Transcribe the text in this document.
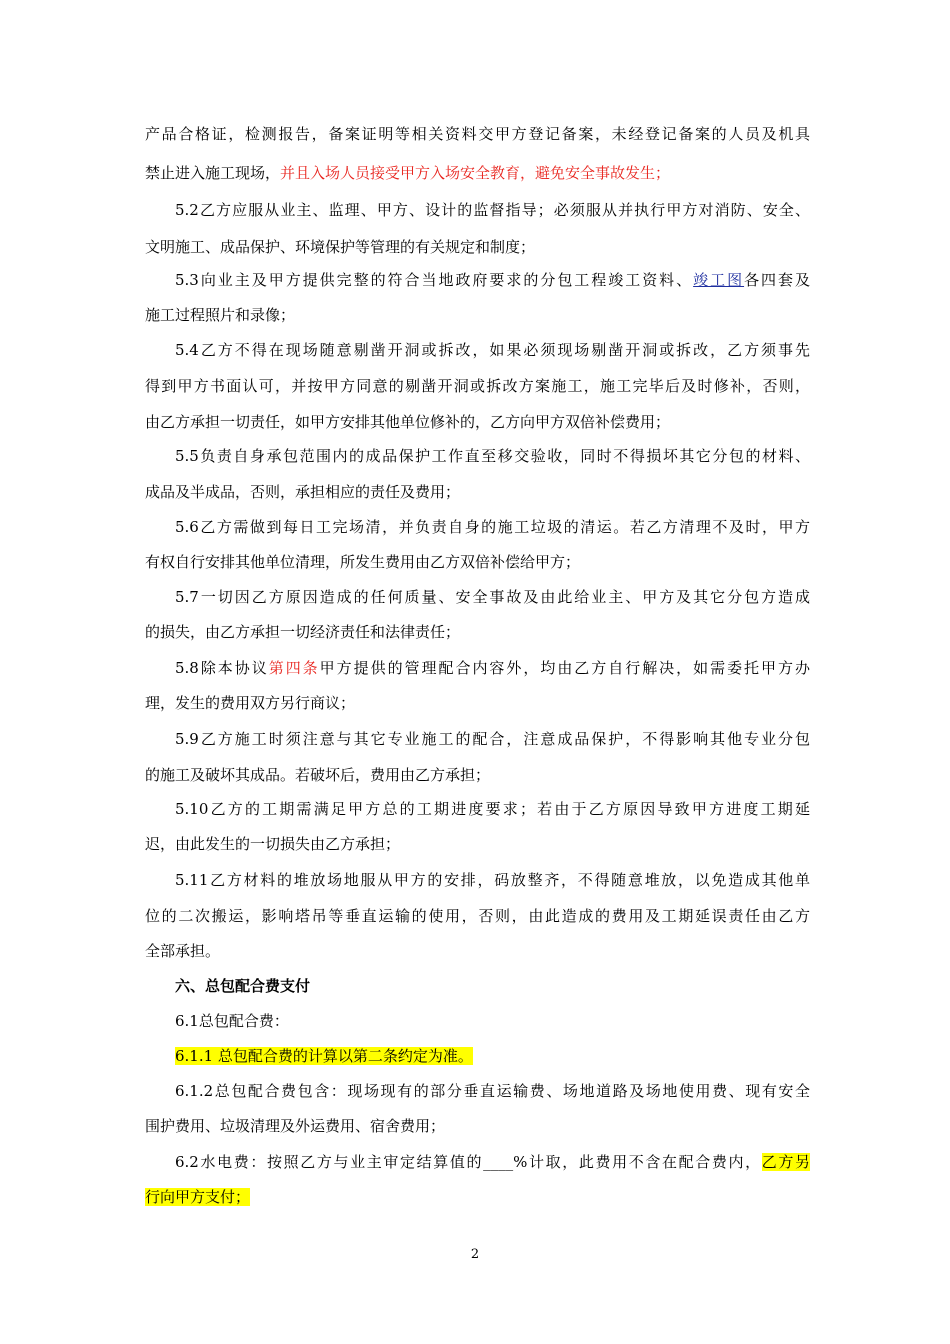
产品合格证，检测报告，备案证明等相关资料交甲方登记备案，未经登记备案的人员及机具
禁止进入施工现场，并且入场人员接受甲方入场安全教育，避免安全事故发生；
5.2乙方应服从业主、监理、甲方、设计的监督指导；必须服从并执行甲方对消防、安全、
文明施工、成品保护、环境保护等管理的有关规定和制度；
5.3向业主及甲方提供完整的符合当地政府要求的分包工程竣工资料、竣工图各四套及
施工过程照片和录像；
5.4乙方不得在现场随意剔凿开洞或拆改，如果必须现场剔凿开洞或拆改，乙方须事先
得到甲方书面认可，并按甲方同意的剔凿开洞或拆改方案施工，施工完毕后及时修补，否则，
由乙方承担一切责任，如甲方安排其他单位修补的，乙方向甲方双倍补偿费用；
5.5负责自身承包范围内的成品保护工作直至移交验收，同时不得损坏其它分包的材料、
成品及半成品，否则，承担相应的责任及费用；
5.6乙方需做到每日工完场清，并负责自身的施工垃圾的清运。若乙方清理不及时，甲方
有权自行安排其他单位清理，所发生费用由乙方双倍补偿给甲方；
5.7一切因乙方原因造成的任何质量、安全事故及由此给业主、甲方及其它分包方造成
的损失，由乙方承担一切经济责任和法律责任；
5.8除本协议第四条甲方提供的管理配合内容外，均由乙方自行解决，如需委托甲方办
理，发生的费用双方另行商议；
5.9乙方施工时须注意与其它专业施工的配合，注意成品保护，不得影响其他专业分包
的施工及破坏其成品。若破坏后，费用由乙方承担；
5.10乙方的工期需满足甲方总的工期进度要求；若由于乙方原因导致甲方进度工期延
迟，由此发生的一切损失由乙方承担；
5.11乙方材料的堆放场地服从甲方的安排，码放整齐，不得随意堆放，以免造成其他单
位的二次搬运，影响塔吊等垂直运输的使用，否则，由此造成的费用及工期延误责任由乙方
全部承担。
六、总包配合费支付
6.1总包配合费：
6.1.1 总包配合费的计算以第二条约定为准。
6.1.2总包配合费包含：现场现有的部分垂直运输费、场地道路及场地使用费、现有安全
围护费用、垃圾清理及外运费用、宿舍费用；
6.2水电费：按照乙方与业主审定结算值的____%计取，此费用不含在配合费内，乙方另
行向甲方支付；
2
